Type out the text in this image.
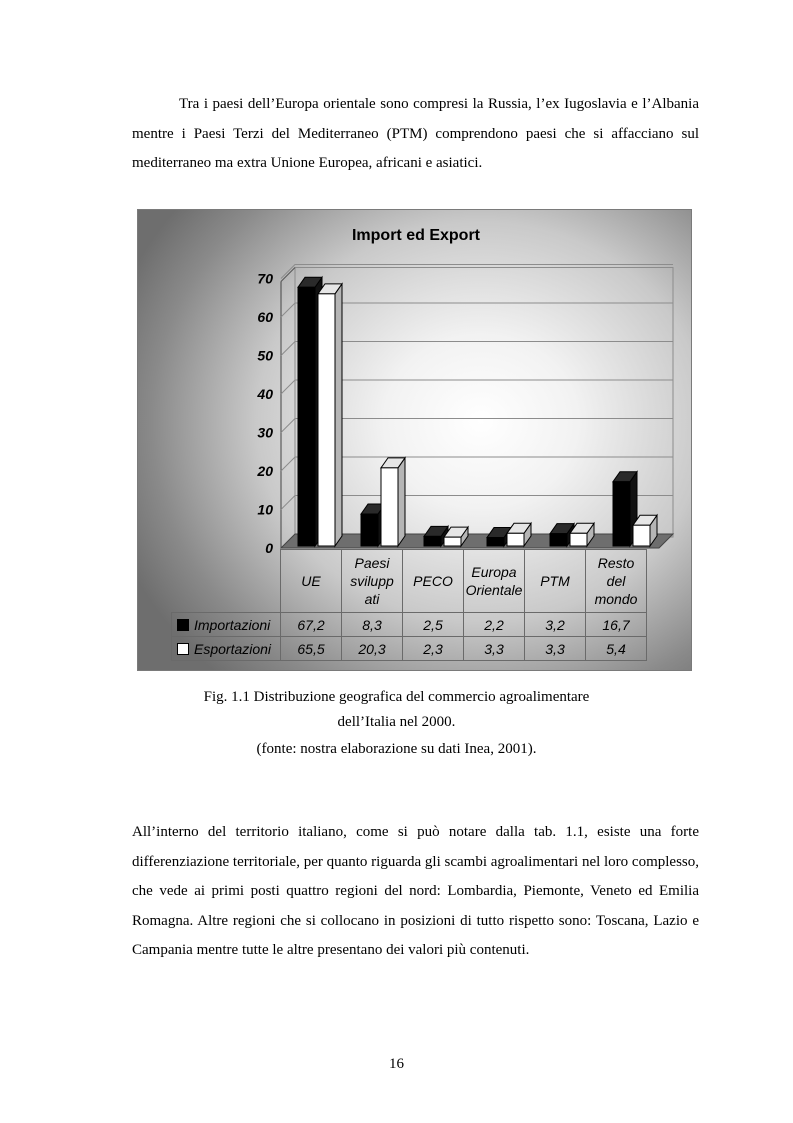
Tra i paesi dell’Europa orientale sono compresi la Russia, l’ex Iugoslavia e l’Albania mentre i Paesi Terzi del Mediterraneo (PTM) comprendono paesi che si affacciano sul mediterraneo ma extra Unione Europea, africani e asiatici.

Import ed Export
0
10
20
30
40
50
60
70
	UE	Paesi svilupp​ati	PECO	Europa Oriental​e	PTM	Resto del mondo
Importazioni	67,2	8,3	2,5	2,2	3,2	16,7
Esportazioni	65,5	20,3	2,3	3,3	3,3	5,4

Fig. 1.1 Distribuzione geografica del commercio agroalimentare

dell’Italia nel 2000.

(fonte: nostra elaborazione su dati Inea, 2001).

All’interno del territorio italiano, come si può notare dalla tab. 1.1, esiste una forte differenziazione territoriale, per quanto riguarda gli scambi agroalimentari nel loro complesso, che vede ai primi posti quattro regioni del nord: Lombardia, Piemonte, Veneto ed Emilia Romagna. Altre regioni che si collocano in posizioni di tutto rispetto sono: Toscana, Lazio e Campania mentre tutte le altre presentano dei valori più contenuti.

16
